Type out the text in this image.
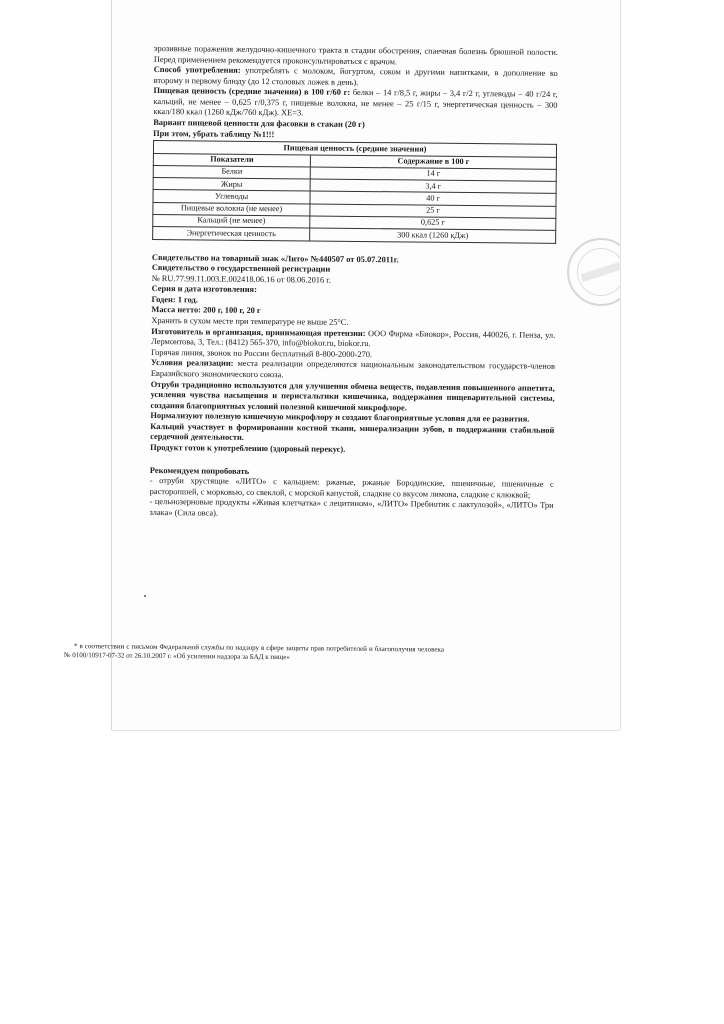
эрозивные поражения желудочно-кишечного тракта в стадии обострения, спаечная болезнь брюшной полости. Перед применением рекомендуется проконсультироваться с врачом.

Способ употребления: употреблять с молоком, йогуртом, соком и другими напитками, в дополнение ко второму и первому блюду (до 12 столовых ложек в день).

Пищевая ценность (средние значения) в 100 г/60 г: белки – 14 г/8,5 г, жиры – 3,4 г/2 г, углеводы – 40 г/24 г, кальций, не менее – 0,625 г/0,375 г, пищевые волокна, не менее – 25 г/15 г, энергетическая ценность – 300 ккал/180 ккал (1260 кДж/760 кДж). ХЕ=3.

Вариант пищевой ценности для фасовки в стакан (20 г)

При этом, убрать таблицу №1!!!

Пищевая ценность (средние значения)	
Показатели	Содержание в 100 г
Белки	14 г
Жиры	3,4 г
Углеводы	40 г
Пищевые волокна (не менее)	25 г
Кальций (не менее)	0,625 г
Энергетическая ценность	300 ккал (1260 кДж)

Свидетельство на товарный знак «Лито» №440507 от 05.07.2011г.

Свидетельство о государственной регистрации

№ RU.77.99.11.003.Е.002418.06.16 от 08.06.2016 г.

Серия и дата изготовления:

Годен: 1 год.

Масса нетто: 200 г, 100 г, 20 г

Хранить в сухом месте при температуре не выше 25°С.

Изготовитель и организация, принимающая претензии: ООО Фирма «Биокор», Россия, 440026, г. Пенза, ул. Лермонтова, 3, Тел.: (8412) 565-370, info@biokor.ru, biokor.ru.

Горячая линия, звонок по России бесплатный 8-800-2000-270.

Условия реализации: места реализации определяются национальным законодательством государств-членов Евразийского экономического союза.

Отруби традиционно используются для улучшения обмена веществ, подавления повышенного аппетита, усиления чувства насыщения и перистальтики кишечника, поддержания пищеварительной системы, создания благоприятных условий полезной кишечной микрофлоре.

Нормализуют полезную кишечную микрофлору и создают благоприятные условия для ее развития.

Кальций участвует в формировании костной ткани, минерализации зубов, в поддержании стабильной сердечной деятельности.

Продукт готов к употреблению (здоровый перекус).

Рекомендуем попробовать

- отруби хрустящие «ЛИТО» с кальцием: ржаные, ржаные Бородинские, пшеничные, пшеничные с расторопшей, с морковью, со свеклой, с морской капустой, сладкие со вкусом лимона, сладкие с клюквой;

- цельнозерновые продукты «Живая клетчатка» с лецитином», «ЛИТО» Пребиотик с лактулозой», «ЛИТО» Три злака» (Сила овса).

* в соответствии с письмом Федеральной службы по надзору в сфере защиты прав потребителей и благополучия человека № 0100/10917-07-32 от 26.10.2007 г. «Об усилении надзора за БАД к пище»
